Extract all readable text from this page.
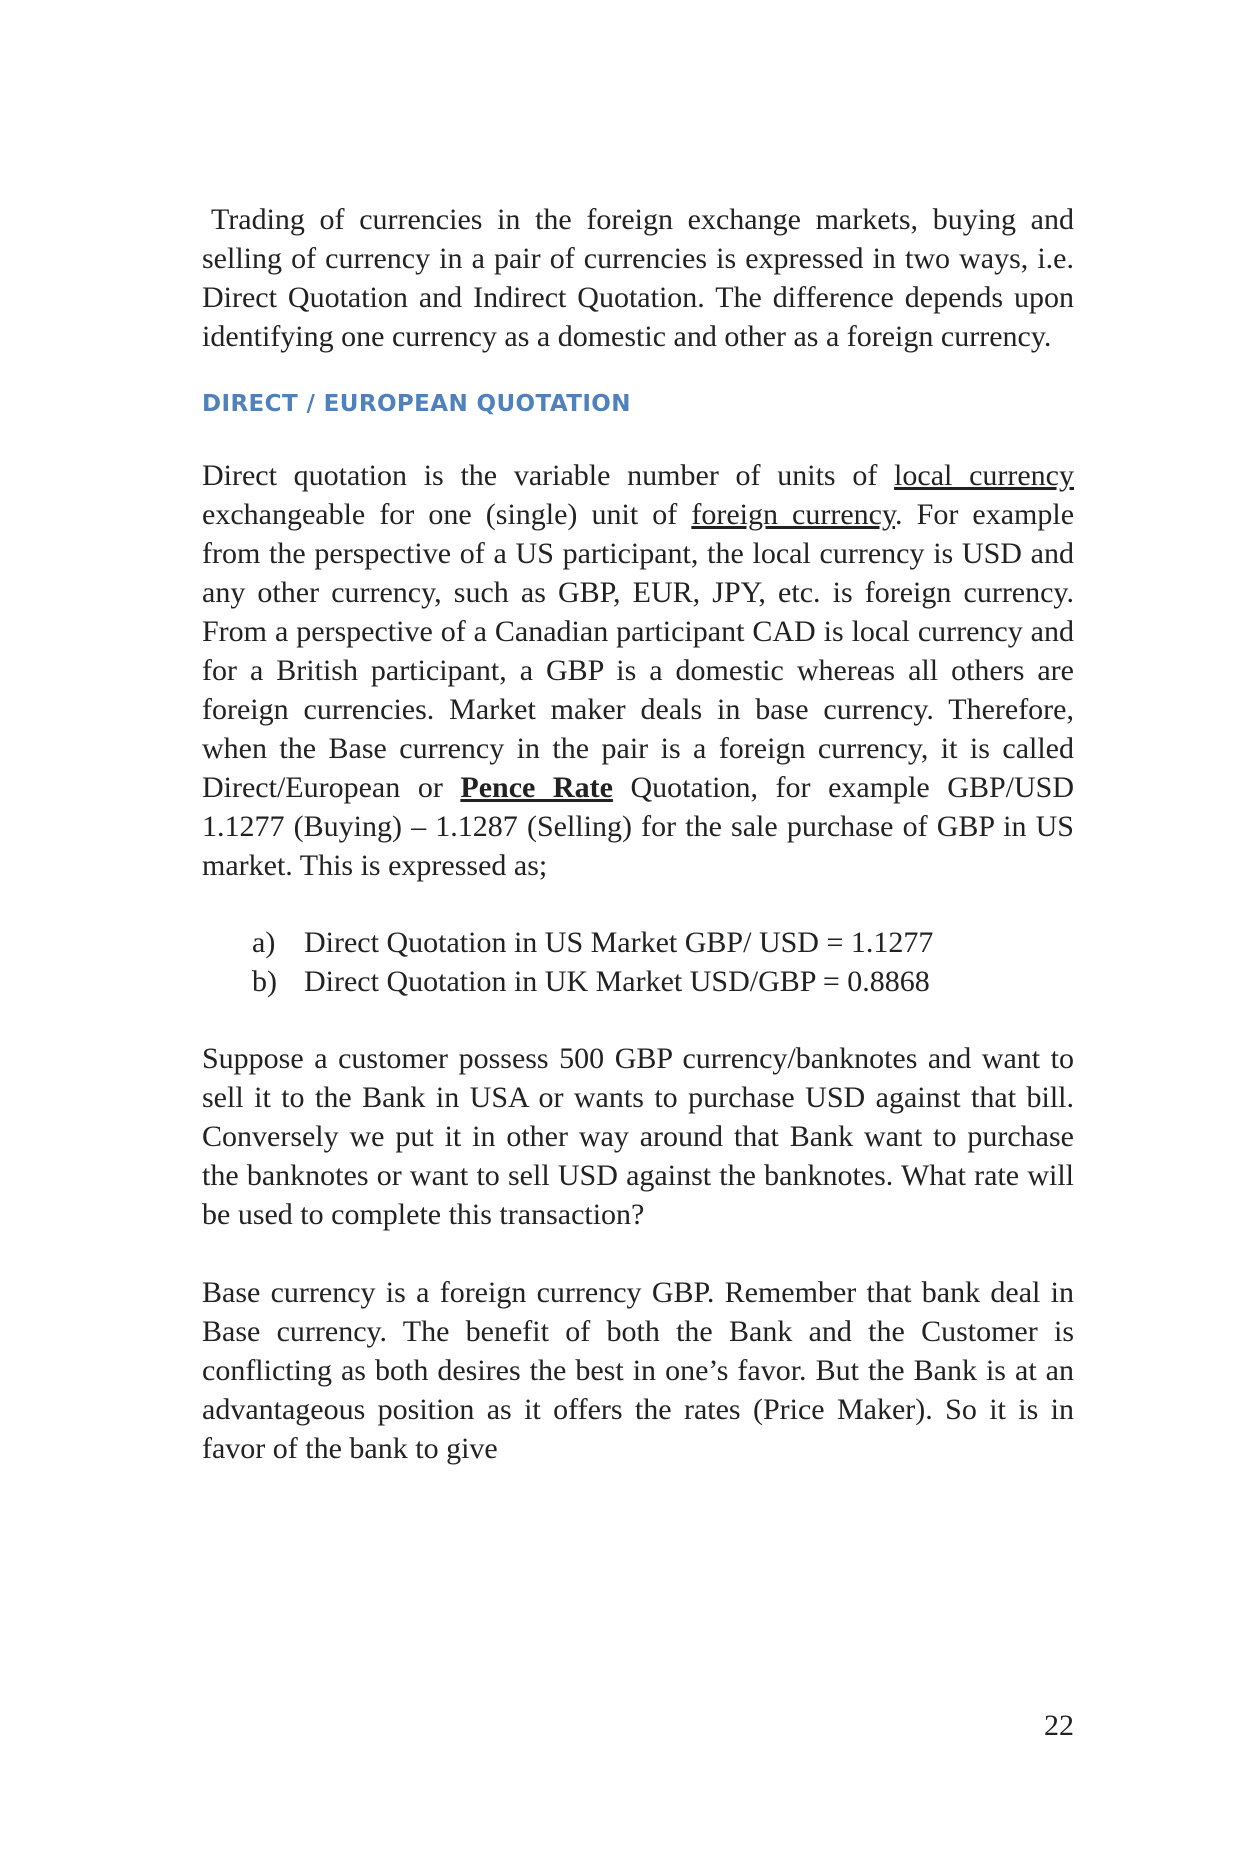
Trading of currencies in the foreign exchange markets, buying and selling of currency in a pair of currencies is expressed in two ways, i.e. Direct Quotation and Indirect Quotation. The difference depends upon identifying one currency as a domestic and other as a foreign currency.

DIRECT / EUROPEAN QUOTATION

Direct quotation is the variable number of units of local currency exchangeable for one (single) unit of foreign currency. For example from the perspective of a US participant, the local currency is USD and any other currency, such as GBP, EUR, JPY, etc. is foreign currency. From a perspective of a Canadian participant CAD is local currency and for a British participant, a GBP is a domestic whereas all others are foreign currencies. Market maker deals in base currency. Therefore, when the Base currency in the pair is a foreign currency, it is called Direct/European or Pence Rate Quotation, for example GBP/USD 1.1277 (Buying) – 1.1287 (Selling) for the sale purchase of GBP in US market. This is expressed as;

a) Direct Quotation in US Market GBP/ USD = 1.1277
b) Direct Quotation in UK Market USD/GBP = 0.8868

Suppose a customer possess 500 GBP currency/banknotes and want to sell it to the Bank in USA or wants to purchase USD against that bill. Conversely we put it in other way around that Bank want to purchase the banknotes or want to sell USD against the banknotes. What rate will be used to complete this transaction?

Base currency is a foreign currency GBP. Remember that bank deal in Base currency. The benefit of both the Bank and the Customer is conflicting as both desires the best in one’s favor. But the Bank is at an advantageous position as it offers the rates (Price Maker). So it is in favor of the bank to give

22
